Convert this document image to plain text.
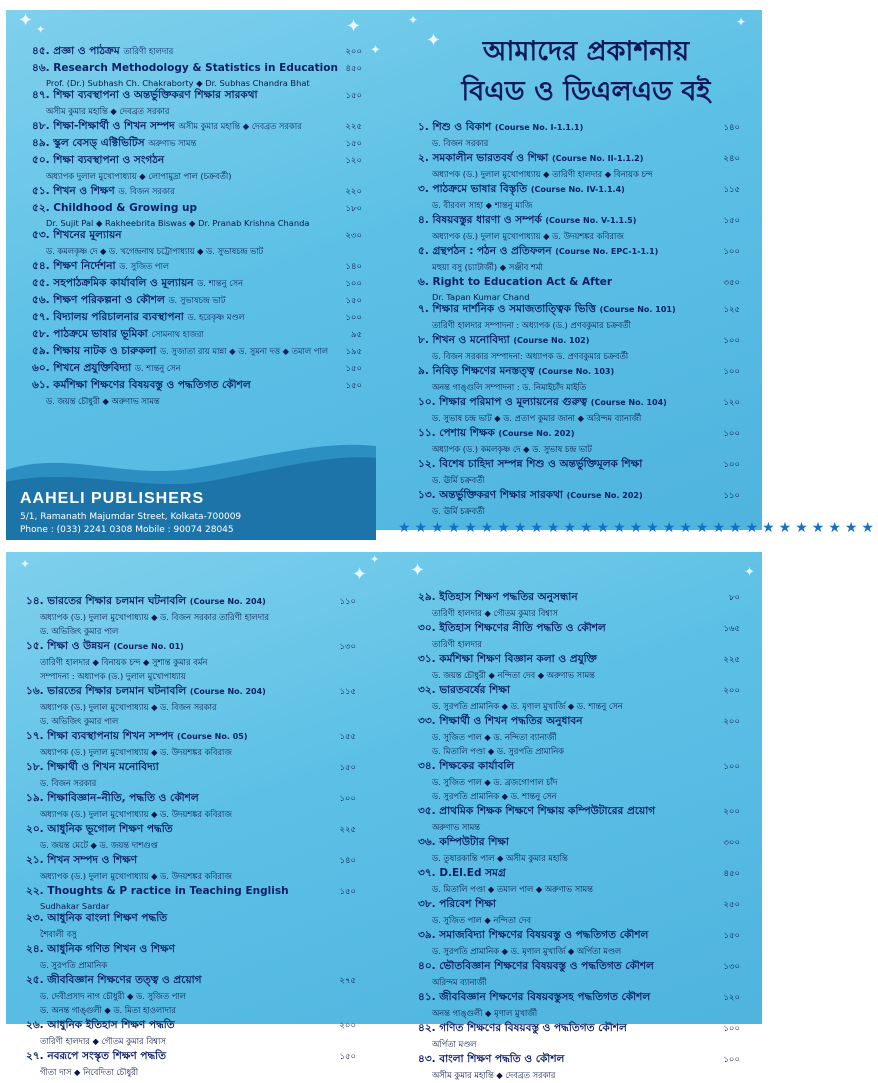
✦ ✦	✦
✦
✦
✦
✦
আমাদের প্রকাশনায়
বিএড ও ডিএলএড বই
৪৫. প্রজ্ঞা ও পাঠক্রম তারিণী হালদার	২০০
৪৬. Research Methodology & Statistics in Education ৪৫০
Prof. (Dr.) Subhash Ch. Chakraborty ◆ Dr. Subhas Chandra Bhat
৪৭. শিক্ষা ব্যবস্থাপনা ও অন্তর্ভুক্তিকরণ শিক্ষার সারকথা	১৫০
অসীম কুমার মহান্তি ◆ দেবব্রত সরকার
৪৮. শিক্ষা-শিক্ষার্থী ও শিখন সম্পদ অসীম কুমার মহান্তি ◆ দেবব্রত সরকার	২২৫
৪৯. স্কুল বেসড্ এক্টিভিটিস অরুণাভ সামন্ত	১৫০
৫০. শিক্ষা ব্যবস্থাপনা ও সংগঠন	১২০
অধ্যাপক দুলাল মুখোপাধ্যায় ◆ লোপামুদ্রা পাল (চক্রবর্তী)
৫১. শিখন ও শিক্ষণ ড. বিজন সরকার	২২০
৫২. Childhood & Growing up	১৮০
Dr. Sujit Pal ◆ Rakheebrita Biswas ◆ Dr. Pranab Krishna Chanda
৫৩. শিখনের মূল্যায়ন	২৩০
ড. কমলকৃষ্ণ দে ◆ ড. খগেন্দ্রনাথ চট্টোপাধ্যায় ◆ ড. সুভাষচন্দ্র ভাট
৫৪. শিক্ষণ নির্দেশনা ড. সুজিত পাল	১৪০
৫৫. সহপাঠক্রমিক কার্যাবলি ও মূল্যায়ন ড. শান্তনু সেন	১০০
৫৬. শিক্ষণ পরিকল্পনা ও কৌশল ড. সুভাষচন্দ্র ভাট	১৫০
৫৭. বিদ্যালয় পরিচালনার ব্যবস্থাপনা ড. হরেকৃষ্ণ মণ্ডল	১০০
৫৮. পাঠক্রমে ভাষার ভূমিকা সোমনাথ হাজরা	৯৫
৫৯. শিক্ষায় নাটক ও চারুকলা ড. সুজাতা রায় মান্না ◆ ড. সুমনা দত্ত ◆ তমাল পাল	১৯৫
৬০. শিখনে প্রযুক্তিবিদ্যা ড. শান্তনু সেন	১৫০
৬১. কর্মশিক্ষা শিক্ষণের বিষয়বস্তু ও পদ্ধতিগত কৌশল	১৫০
ড. জয়ন্ত চৌধুরী ◆ অরুণাভ সামন্ত
১. শিশু ও বিকাশ (Course No. I-1.1.1)	১৪০
ড. বিজন সরকার
২. সমকালীন ভারতবর্ষ ও শিক্ষা (Course No. II-1.1.2)	২৪০
অধ্যাপক (ড.) দুলাল মুখোপাধ্যায় ◆ তারিণী হালদার ◆ বিনায়ক চন্দ
৩. পাঠক্রমে ভাষার বিস্তৃতি (Course No. IV-1.1.4)	১১৫
ড. বীরবল সাহা ◆ শান্তনু মাজি
৪. বিষয়বস্তুর ধারণা ও সম্পর্ক (Course No. V-1.1.5)	১৫০
অধ্যাপক (ড.) দুলাল মুখোপাধ্যায় ◆ ড. উদয়শঙ্কর কবিরাজ
৫. গ্রন্থপঠন : পঠন ও প্রতিফলন (Course No. EPC-1-1.1)	১০০
মহুয়া বসু (চ্যাটার্জী) ◆ সঞ্জীব শর্মা
৬. Right to Education Act & After	৩৫০
Dr. Tapan Kumar Chand
৭. শিক্ষার দার্শনিক ও সমাজতাত্ত্বিক ভিত্তি (Course No. 101)	১২৫
তারিণী হালদার সম্পাদনা : অধ্যাপক (ড.) প্রণবকুমার চক্রবর্তী
৮. শিখন ও মনোবিদ্যা (Course No. 102)	১০০
ড. বিজন সরকার সম্পাদনা: অধ্যাপক ড. প্রণবকুমার চক্রবর্তী
৯. নিবিড় শিক্ষণের মনস্তত্ত্ব (Course No. 103)	১০০
অনন্ত গাঙ্গুলি সম্পাদনা : ড. নিমাইচাঁদ মাইতি
১০. শিক্ষার পরিমাপ ও মূল্যায়নের গুরুত্ব (Course No. 104)	১২০
ড. সুভাষ চন্দ্র ভাট ◆ ড. প্রতাপ কুমার জানা ◆ অরিন্দম ব্যানার্জী
১১. পেশায় শিক্ষক (Course No. 202)	১০০
অধ্যাপক (ড.) কমলকৃষ্ণ দে ◆ ড. সুভাষ চন্দ্র ভাট
১২. বিশেষ চাহিদা সম্পন্ন শিশু ও অন্তর্ভুক্তিমূলক শিক্ষা	১০০
ড. ঊর্মি চক্রবর্তী
১৩. অন্তর্ভুক্তিকরণ শিক্ষার সারকথা (Course No. 202)	১১০
ড. ঊর্মি চক্রবর্তী
AAHELI PUBLISHERS
5/1, Ramanath Majumdar Street, Kolkata-700009
Phone : (033) 2241 0308 Mobile : 90074 28045	★★★★★★★★★★★★★★★★★★★★★★★★★★★★★
✦	✦
✦
✦	✦
১৪. ভারতের শিক্ষার চলমান ঘটনাবলি (Course No. 204)	১১০
অধ্যাপক (ড.) দুলাল মুখোপাধ্যায় ◆ ড. বিজন সরকার তারিণী হালদার
ড. অভিজিৎ কুমার পাল
১৫. শিক্ষা ও উন্নয়ন (Course No. 01)	১৩০
তারিণী হালদার ◆ বিনায়ক চন্দ ◆ সুশান্ত কুমার বর্মন
সম্পাদনা : অধ্যাপক (ড.) দুলাল মুখোপাধ্যায়
১৬. ভারতের শিক্ষার চলমান ঘটনাবলি (Course No. 204)	১১৫
অধ্যাপক (ড.) দুলাল মুখোপাধ্যায় ◆ ড. বিজন সরকার
ড. অভিজিৎ কুমার পাল
১৭. শিক্ষা ব্যবস্থাপনায় শিখন সম্পদ (Course No. 05)	১৫৫
অধ্যাপক (ড.) দুলাল মুখোপাধ্যায় ◆ ড. উদয়শঙ্কর কবিরাজ
১৮. শিক্ষার্থী ও শিখন মনোবিদ্যা	১৫০
ড. বিজন সরকার
১৯. শিক্ষাবিজ্ঞান–নীতি, পদ্ধতি ও কৌশল	১০০
অধ্যাপক (ড.) দুলাল মুখোপাধ্যায় ◆ ড. উদয়শঙ্কর কবিরাজ
২০. আধুনিক ভূগোল শিক্ষণ পদ্ধতি	২২৫
ড. জয়ন্ত মেটে ◆ ড. জয়ন্ত দাশগুপ্ত
২১. শিখন সম্পদ ও শিক্ষণ	১৪০
অধ্যাপক (ড.) দুলাল মুখোপাধ্যায় ◆ ড. উদয়শঙ্কর কবিরাজ
২২. Thoughts & P ractice in Teaching English	১৫০
Sudhakar Sardar
২৩. আধুনিক বাংলা শিক্ষণ পদ্ধতি
শৈবালী বসু
২৪. আধুনিক গণিত শিখন ও শিক্ষণ
ড. সুরপতি প্রামানিক
২৫. জীববিজ্ঞান শিক্ষণের তত্ত্ব ও প্রয়োগ	২৭৫
ড. দেবীপ্রসাদ নাগ চৌধুরী ◆ ড. সুজিত পাল
ড. অনন্ত গাঙ্গুলী ◆ ড. মিতা হাওলাদার
২৬. আধুনিক ইতিহাস শিক্ষণ পদ্ধতি	২০০
তারিণী হালদার ◆ গৌতম কুমার বিশ্বাস
২৭. নবরূপে সংস্কৃত শিক্ষণ পদ্ধতি	১৫০
গীতা দাস ◆ নিবেদিতা চৌধুরী
২৯. ইতিহাস শিক্ষণ পদ্ধতির অনুসন্ধান	৮০
তারিণী হালদার ◆ গৌতম কুমার বিশ্বাস
৩০. ইতিহাস শিক্ষণের নীতি পদ্ধতি ও কৌশল	১৬৫
তারিণী হালদার
৩১. কর্মশিক্ষা শিক্ষণ বিজ্ঞান কলা ও প্রযুক্তি	২২৫
ড. জয়ন্ত চৌধুরী ◆ নন্দিতা দেব ◆ অরুণাভ সামন্ত
৩২. ভারতবর্ষের শিক্ষা	২০০
ড. সুরপতি প্রামানিক ◆ ড. মৃণাল মুখার্জি ◆ ড. শান্তনু সেন
৩৩. শিক্ষার্থী ও শিখন পদ্ধতির অনুধাবন	২০০
ড. সুজিত পাল ◆ ড. নন্দিতা ব্যানার্জী
ড. মিতালি পণ্ডা ◆ ড. সুরপতি প্রামানিক
৩৪. শিক্ষকের কার্যাবলি	১০০
ড. সুজিত পাল ◆ ড. ব্রজগোপাল চাঁদ
ড. সুরপতি প্রামানিক ◆ ড. শান্তনু সেন
৩৫. প্রাথমিক শিক্ষক শিক্ষণে শিক্ষায় কম্পিউটারের প্রয়োগ	২০০
অরুণাভ সামন্ত
৩৬. কম্পিউটার শিক্ষা	৩০০
ড. তুষারকান্তি পাল ◆ অসীম কুমার মহান্তি
৩৭. D.El.Ed সমগ্র	৪৫০
ড. মিতালি পণ্ডা ◆ তমাল পাল ◆ অরুণাভ সামন্ত
৩৮. পরিবেশ শিক্ষা	২৫০
ড. সুজিত পাল ◆ নন্দিতা দেব
৩৯. সমাজবিদ্যা শিক্ষণের বিষয়বস্তু ও পদ্ধতিগত কৌশল	১৫০
ড. সুরপতি প্রামানিক ◆ ড. মৃণাল মুখার্জি ◆ অর্পিতা মণ্ডল
৪০. ভৌতবিজ্ঞান শিক্ষণের বিষয়বস্তু ও পদ্ধতিগত কৌশল	১৩০
অরিন্দম ব্যানার্জী
৪১. জীববিজ্ঞান শিক্ষণের বিষয়বস্তুসহ পদ্ধতিগত কৌশল	১২০
অনন্ত গাঙ্গুলী ◆ মৃণাল মুখার্জী
৪২. গণিত শিক্ষণের বিষয়বস্তু ও পদ্ধতিগত কৌশল	১০০
অর্পিতা মণ্ডল
৪৩. বাংলা শিক্ষণ পদ্ধতি ও কৌশল	১০০
অসীম কুমার মহান্তি ◆ দেবব্রত সরকার
